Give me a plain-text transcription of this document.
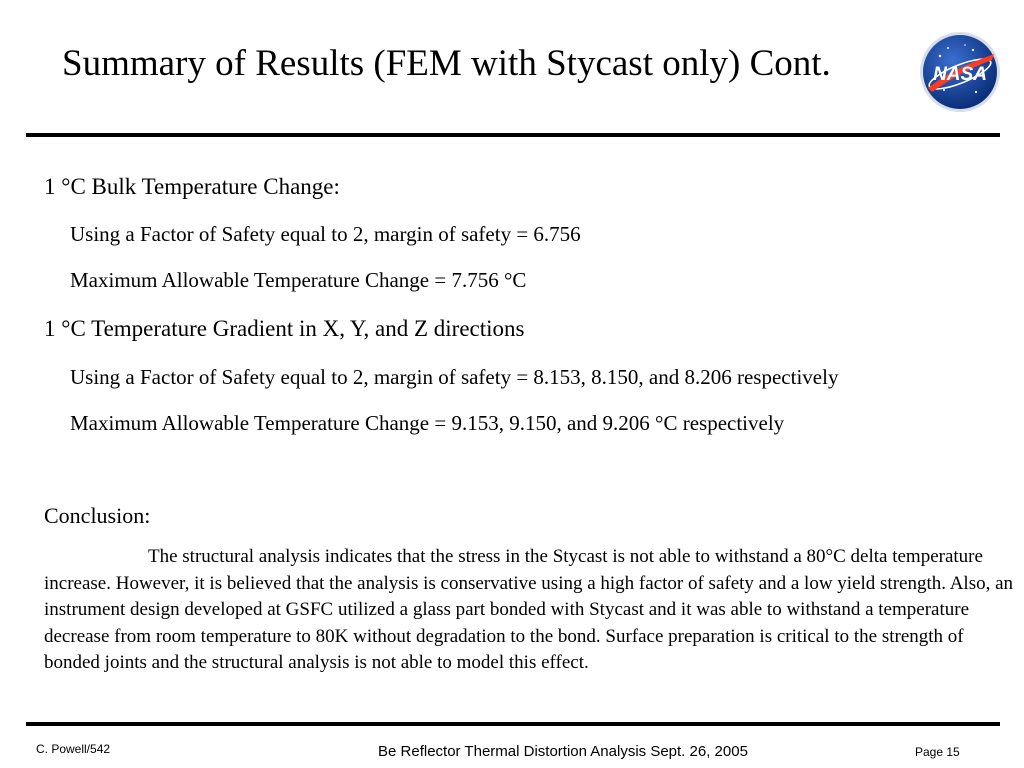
Summary of Results (FEM with Stycast only) Cont.	NASA
1 °C Bulk Temperature Change:
Using a Factor of Safety equal to 2, margin of safety = 6.756
Maximum Allowable Temperature Change = 7.756 °C
1 °C Temperature Gradient in X, Y, and Z directions
Using a Factor of Safety equal to 2, margin of safety = 8.153, 8.150, and 8.206 respectively
Maximum Allowable Temperature Change = 9.153, 9.150, and 9.206 °C respectively
Conclusion:
The structural analysis indicates that the stress in the Stycast is not able to withstand a 80°C delta temperature increase. However, it is believed that the analysis is conservative using a high factor of safety and a low yield strength. Also, an instrument design developed at GSFC utilized a glass part bonded with Stycast and it was able to withstand a temperature decrease from room temperature to 80K without degradation to the bond. Surface preparation is critical to the strength of bonded joints and the structural analysis is not able to model this effect.
C. Powell/542	Be Reflector Thermal Distortion Analysis Sept. 26, 2005	Page 15
